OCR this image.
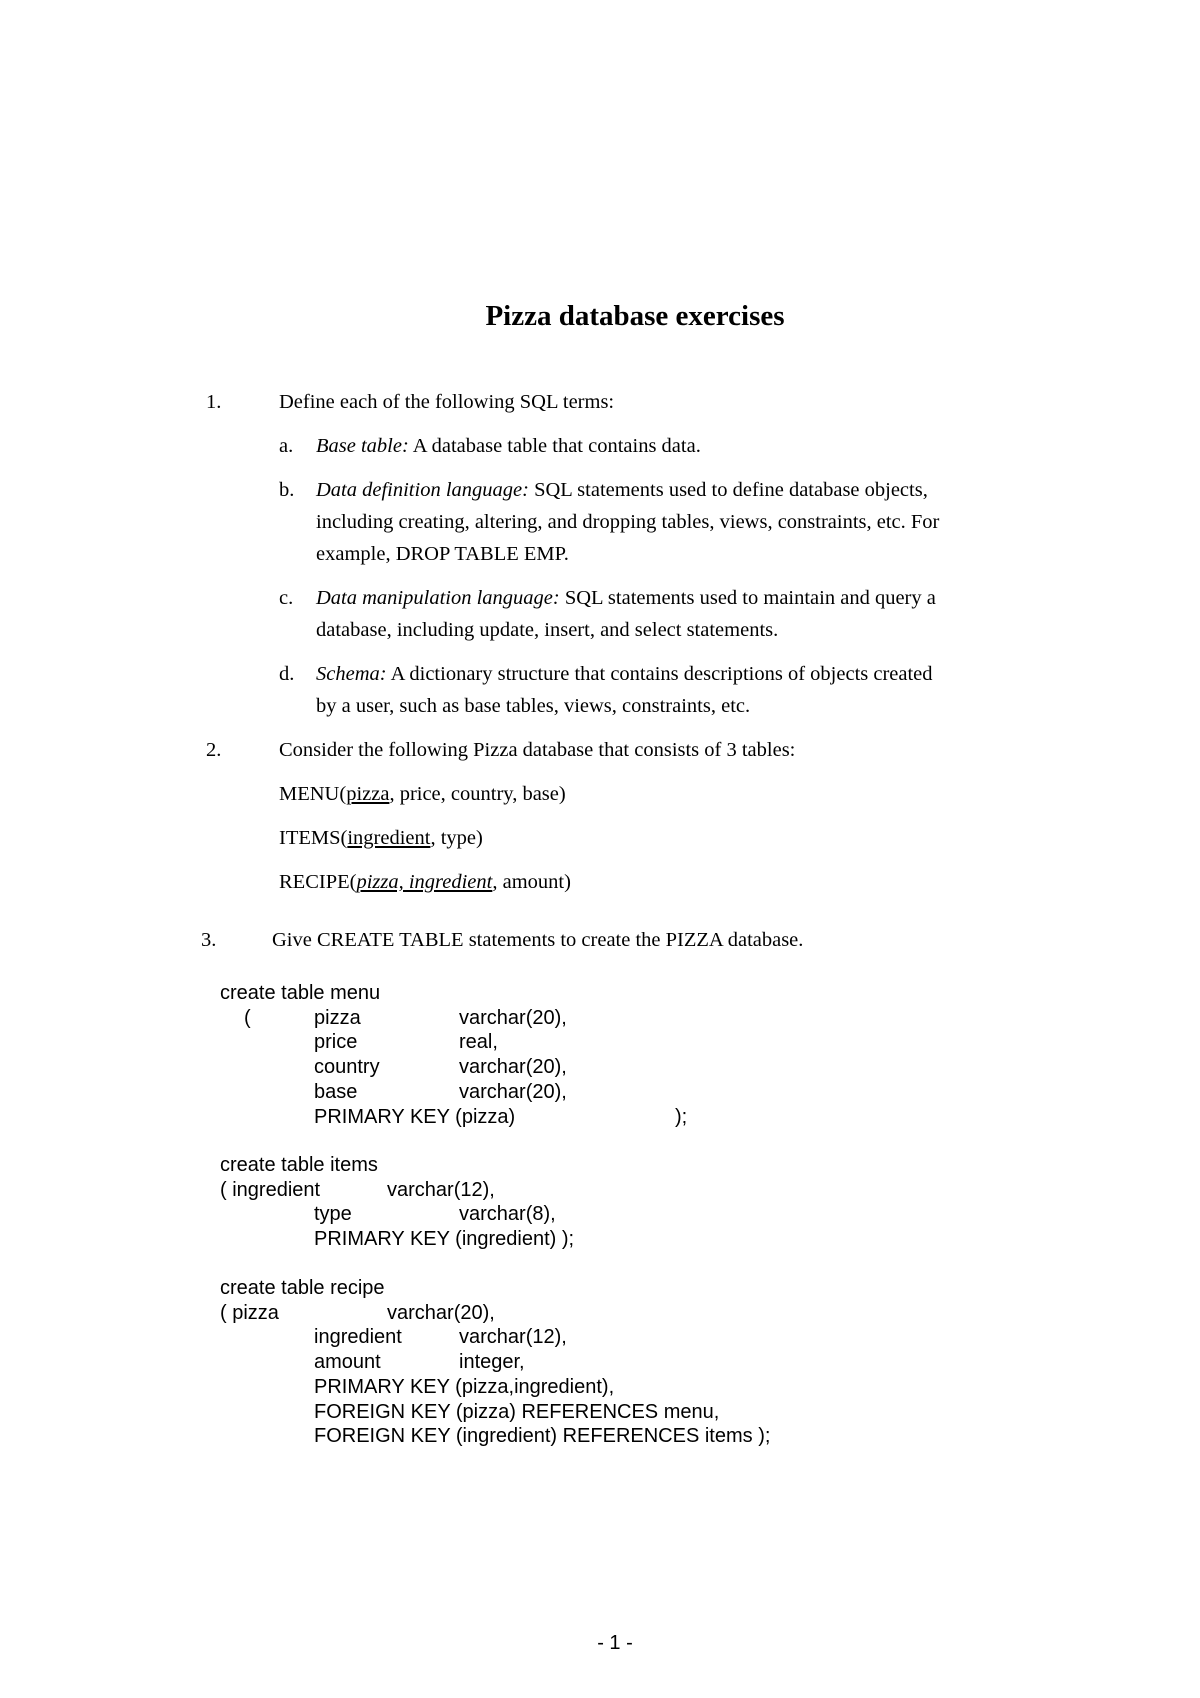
Pizza database exercises
1.	Define each of the following SQL terms:
a. Base table: A database table that contains data.
b. Data definition language: SQL statements used to define database objects,
including creating, altering, and dropping tables, views, constraints, etc. For
example, DROP TABLE EMP.
c. Data manipulation language: SQL statements used to maintain and query a
database, including update, insert, and select statements.
d. Schema: A dictionary structure that contains descriptions of objects created
by a user, such as base tables, views, constraints, etc.
2.	Consider the following Pizza database that consists of 3 tables:
MENU(pizza, price, country, base)
ITEMS(ingredient, type)
RECIPE(pizza, ingredient, amount)
3.	Give CREATE TABLE statements to create the PIZZA database.
create table menu
(	pizza	varchar(20),
price	real,
country	varchar(20),
base	varchar(20),
PRIMARY KEY (pizza)	);
create table items
( ingredient	varchar(12),
type	varchar(8),
PRIMARY KEY (ingredient) );
create table recipe
( pizza	varchar(20),
ingredient	varchar(12),
amount	integer,
PRIMARY KEY (pizza,ingredient),
FOREIGN KEY (pizza) REFERENCES menu,
FOREIGN KEY (ingredient) REFERENCES items );
- 1 -
